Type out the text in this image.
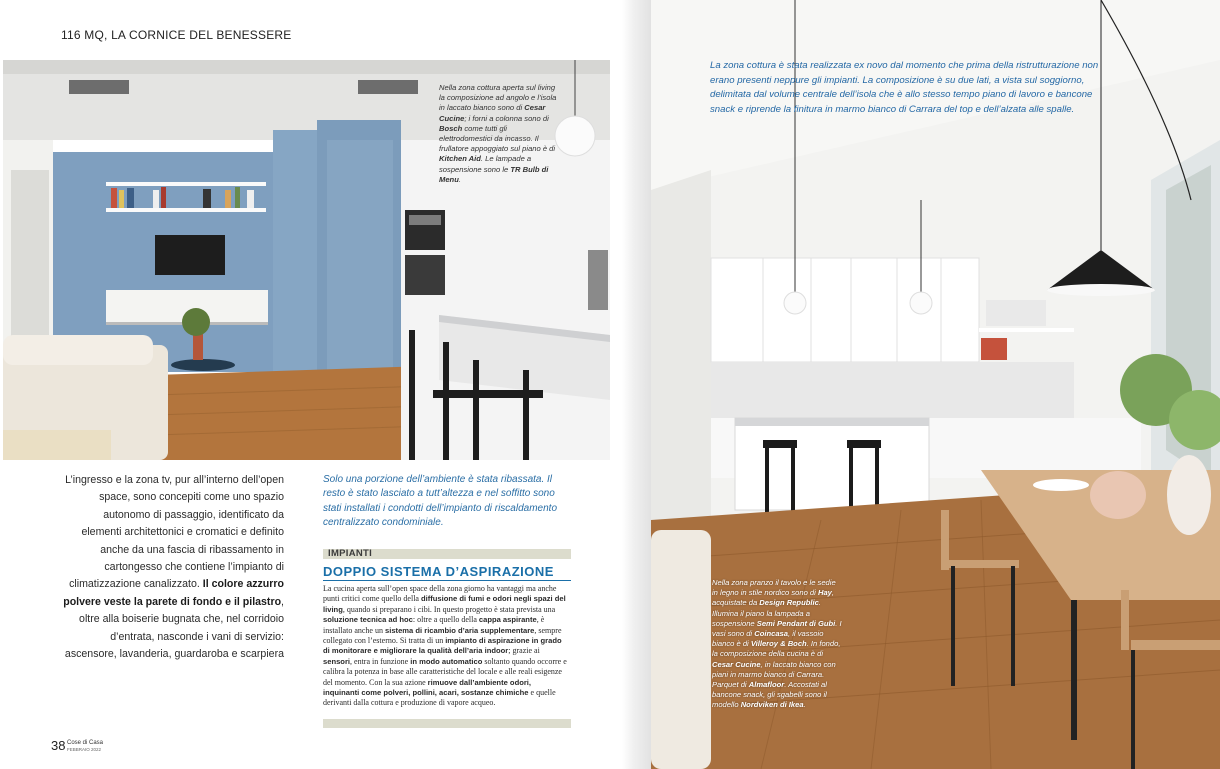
116 MQ, LA CORNICE DEL BENESSERE
Nella zona cottura aperta sul living la composizione ad angolo e l’isola in laccato bianco sono di Cesar Cucine; i forni a colonna sono di Bosch come tutti gli elettrodomestici da incasso. Il frullatore appoggiato sul piano è di Kitchen Aid. Le lampade a sospensione sono le TR Bulb di Menu.
L’ingresso e la zona tv, pur all’interno dell’open space, sono concepiti come uno spazio autonomo di passaggio, identificato da elementi architettonici e cromatici e definito anche da una fascia di ribassamento in cartongesso che contiene l’impianto di climatizzazione canalizzato. Il colore azzurro polvere veste la parete di fondo e il pilastro, oltre alla boiserie bugnata che, nel corridoio d’entrata, nasconde i vani di servizio: ascensore, lavanderia, guardaroba e scarpiera
Solo una porzione dell’ambiente è stata ribassata. Il resto è stato lasciato a tutt’altezza e nel soffitto sono stati installati i condotti dell’impianto di riscaldamento centralizzato condominiale.
IMPIANTI
DOPPIO SISTEMA D’ASPIRAZIONE
La cucina aperta sull’open space della zona giorno ha vantaggi ma anche punti critici come quello della diffusione di fumi e odori negli spazi del living, quando si preparano i cibi. In questo progetto è stata prevista una soluzione tecnica ad hoc: oltre a quello della cappa aspirante, è installato anche un sistema di ricambio d’aria supplementare, sempre collegato con l’esterno. Si tratta di un impianto di aspirazione in grado di monitorare e migliorare la qualità dell’aria indoor; grazie ai sensori, entra in funzione in modo automatico soltanto quando occorre e calibra la potenza in base alle caratteristiche del locale e alle reali esigenze del momento. Con la sua azione rimuove dall’ambiente odori, inquinanti come polveri, pollini, acari, sostanze chimiche e quelle derivanti dalla cottura e produzione di vapore acqueo.
38 Cose di Casa
FEBBRAIO 2022
La zona cottura è stata realizzata ex novo dal momento che prima della ristrutturazione non erano presenti neppure gli impianti. La composizione è su due lati, a vista sul soggiorno, delimitata dal volume centrale dell’isola che è allo stesso tempo piano di lavoro e bancone snack e riprende la finitura in marmo bianco di Carrara del top e dell’alzata alle spalle.
Nella zona pranzo il tavolo e le sedie in legno in stile nordico sono di Hay, acquistate da Design Republic. Illumina il piano la lampada a sospensione Semi Pendant di Gubi. I vasi sono di Coincasa, il vassoio bianco è di Villeroy & Boch. In fondo, la composizione della cucina è di Cesar Cucine, in laccato bianco con piani in marmo bianco di Carrara. Parquet di Almafloor. Accostati al bancone snack, gli sgabelli sono il modello Nordviken di Ikea.
